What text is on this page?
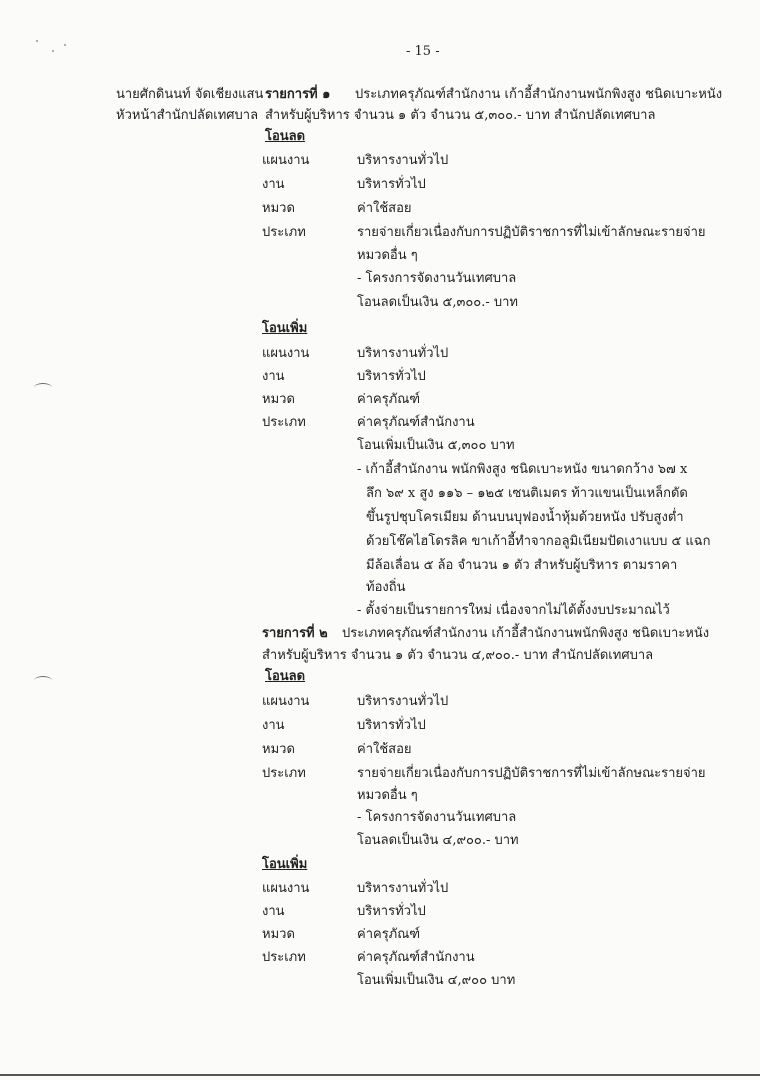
- 15 -
นายศักดินนท์ จัดเชียงแสน
หัวหน้าสำนักปลัดเทศบาล
รายการที่ ๑ ประเภทครุภัณฑ์สำนักงาน เก้าอี้สำนักงานพนักพิงสูง ชนิดเบาะหนัง
สำหรับผู้บริหาร จำนวน ๑ ตัว จำนวน ๕,๓๐๐.- บาท สำนักปลัดเทศบาล
โอนลด
แผนงาน	บริหารงานทั่วไป
งาน	บริหารทั่วไป
หมวด	ค่าใช้สอย
ประเภท	รายจ่ายเกี่ยวเนื่องกับการปฏิบัติราชการที่ไม่เข้าลักษณะรายจ่าย
หมวดอื่น ๆ
- โครงการจัดงานวันเทศบาล
โอนลดเป็นเงิน ๕,๓๐๐.- บาท
โอนเพิ่ม
แผนงาน	บริหารงานทั่วไป
งาน	บริหารทั่วไป
หมวด	ค่าครุภัณฑ์
ประเภท	ค่าครุภัณฑ์สำนักงาน
โอนเพิ่มเป็นเงิน ๕,๓๐๐ บาท
- เก้าอี้สำนักงาน พนักพิงสูง ชนิดเบาะหนัง ขนาดกว้าง ๖๗ x
ลึก ๖๙ x สูง ๑๑๖ – ๑๒๕ เซนติเมตร ท้าวแขนเป็นเหล็กดัด
ขึ้นรูปชุบโครเมียม ด้านบนบุฟองน้ำหุ้มด้วยหนัง ปรับสูงต่ำ
ด้วยโช๊คไฮโดรลิค ขาเก้าอี้ทำจากอลูมิเนียมปัดเงาแบบ ๕ แฉก
มีล้อเลื่อน ๕ ล้อ จำนวน ๑ ตัว สำหรับผู้บริหาร ตามราคา
ท้องถิ่น
- ตั้งจ่ายเป็นรายการใหม่ เนื่องจากไม่ได้ตั้งงบประมาณไว้
รายการที่ ๒ ประเภทครุภัณฑ์สำนักงาน เก้าอี้สำนักงานพนักพิงสูง ชนิดเบาะหนัง
สำหรับผู้บริหาร จำนวน ๑ ตัว จำนวน ๔,๙๐๐.- บาท สำนักปลัดเทศบาล
โอนลด
แผนงาน	บริหารงานทั่วไป
งาน	บริหารทั่วไป
หมวด	ค่าใช้สอย
ประเภท	รายจ่ายเกี่ยวเนื่องกับการปฏิบัติราชการที่ไม่เข้าลักษณะรายจ่าย
หมวดอื่น ๆ
- โครงการจัดงานวันเทศบาล
โอนลดเป็นเงิน ๔,๙๐๐.- บาท
โอนเพิ่ม
แผนงาน	บริหารงานทั่วไป
งาน	บริหารทั่วไป
หมวด	ค่าครุภัณฑ์
ประเภท	ค่าครุภัณฑ์สำนักงาน
โอนเพิ่มเป็นเงิน ๔,๙๐๐ บาท
